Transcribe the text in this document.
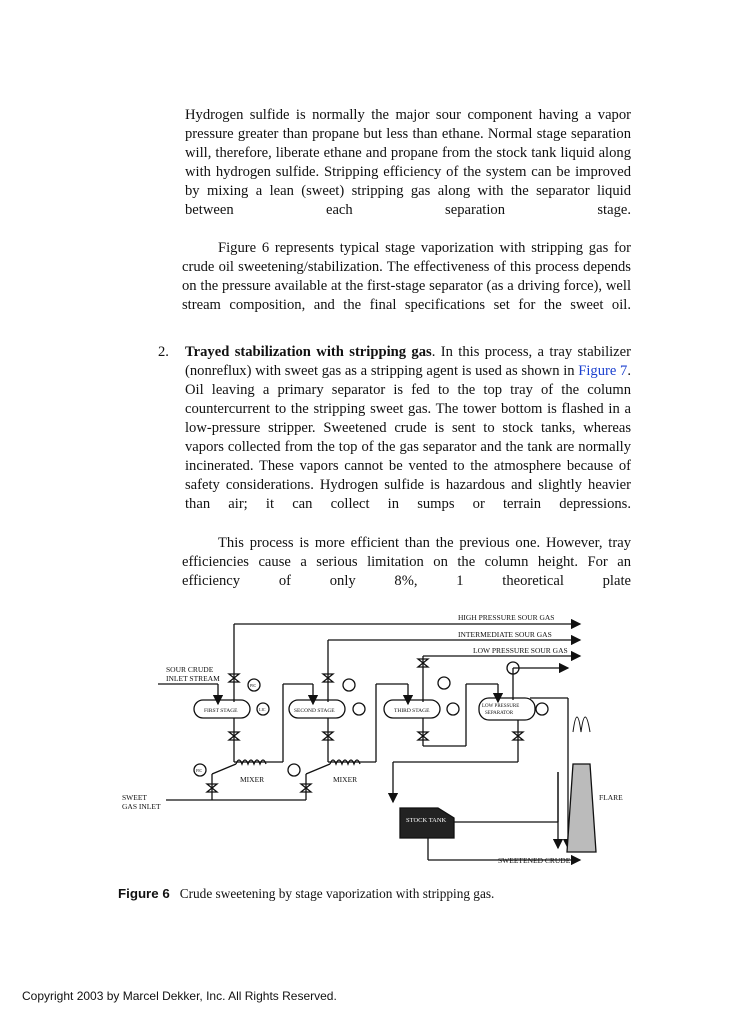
Hydrogen sulfide is normally the major sour component having a vapor pressure greater than propane but less than ethane. Normal stage separation will, therefore, liberate ethane and propane from the stock tank liquid along with hydrogen sulfide. Stripping efficiency of the system can be improved by mixing a lean (sweet) stripping gas along with the separator liquid between each separation stage.

Figure 6 represents typical stage vaporization with stripping gas for crude oil sweetening/stabilization. The effectiveness of this process depends on the pressure available at the first-stage separator (as a driving force), well stream composition, and the final specifications set for the sweet oil.

2. Trayed stabilization with stripping gas. In this process, a tray stabilizer (nonreflux) with sweet gas as a stripping agent is used as shown in Figure 7. Oil leaving a primary separator is fed to the top tray of the column countercurrent to the stripping sweet gas. The tower bottom is flashed in a low-pressure stripper. Sweetened crude is sent to stock tanks, whereas vapors collected from the top of the gas separator and the tank are normally incinerated. These vapors cannot be vented to the atmosphere because of safety considerations. Hydrogen sulfide is hazardous and slightly heavier than air; it can collect in sumps or terrain depressions.

This process is more efficient than the previous one. However, tray efficiencies cause a serious limitation on the column height. For an efficiency of only 8%, 1 theoretical plate

HIGH PRESSURE SOUR GAS
INTERMEDIATE SOUR GAS
LOW PRESSURE SOUR GAS
SOUR CRUDE
INLET STREAM
FIRST STAGE	SECOND STAGE	THIRD STAGE
LOW PRESSURE
SEPARATOR
PIC
LIC
FIC
MIXER	MIXER
SWEET
GAS INLET
STOCK TANK
FLARE
SWEETENED CRUDE

Figure 6 Crude sweetening by stage vaporization with stripping gas.

Copyright 2003 by Marcel Dekker, Inc. All Rights Reserved.
